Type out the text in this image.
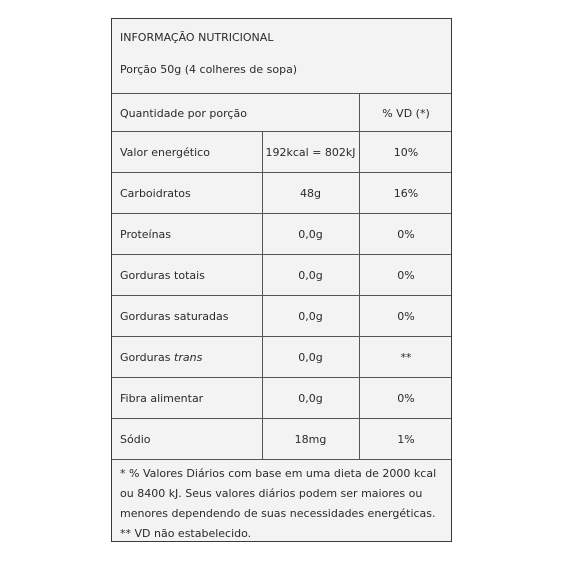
INFORMAÇÃO NUTRICIONAL
Porção 50g (4 colheres de sopa)
Quantidade por porção	% VD (*)
Valor energético	192kcal = 802kJ	10%
Carboidratos	48g	16%
Proteínas	0,0g	0%
Gorduras totais	0,0g	0%
Gorduras saturadas	0,0g	0%
Gorduras trans	0,0g	**
Fibra alimentar	0,0g	0%
Sódio	18mg	1%
* % Valores Diários com base em uma dieta de 2000 kcal ou 8400 kJ. Seus valores diários podem ser maiores ou menores dependendo de suas necessidades energéticas. ** VD não estabelecido.
